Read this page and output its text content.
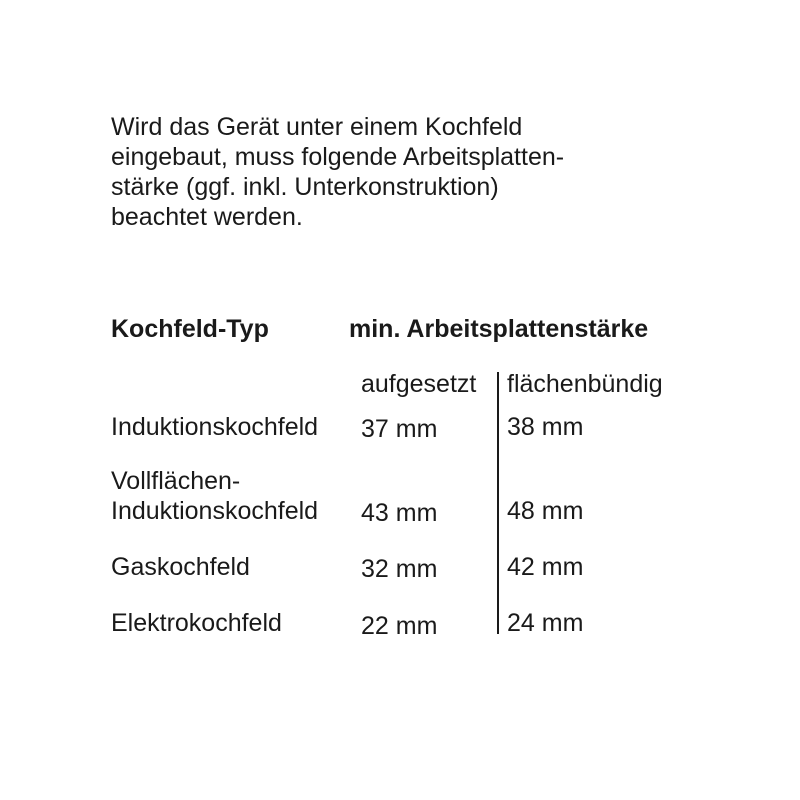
Wird das Gerät unter einem Kochfeld
eingebaut, muss folgende Arbeitsplatten-
stärke (ggf. inkl. Unterkonstruktion)
beachtet werden.
Kochfeld-Typ	min. Arbeitsplattenstärke
aufgesetzt flächenbündig
Induktionskochfeld 37 mm	38 mm
Vollflächen-
Induktionskochfeld 43 mm	48 mm
Gaskochfeld	32 mm	42 mm
Elektrokochfeld	22 mm	24 mm
